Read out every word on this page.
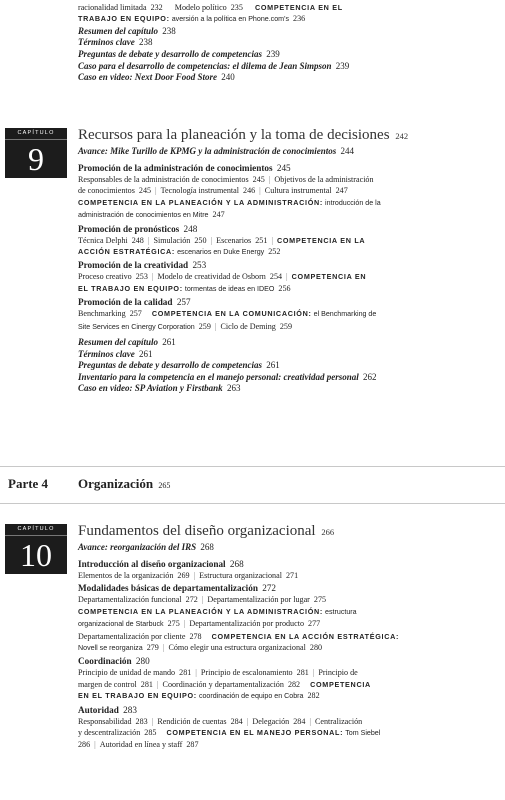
racionalidad limitada 232 Modelo político 235 COMPETENCIA EN EL
TRABAJO EN EQUIPO: aversión a la política en Phone.com's 236
Resumen del capítulo 238
Términos clave 238
Preguntas de debate y desarrollo de competencias 239
Caso para el desarrollo de competencias: el dilema de Jean Simpson 239
Caso en video: Next Door Food Store 240
CAPÍTULO
9
Recursos para la planeación y la toma de decisiones 242
Avance: Mike Turillo de KPMG y la administración de conocimientos 244
Promoción de la administración de conocimientos 245
Responsables de la administración de conocimientos 245 | Objetivos de la administración
de conocimientos 245 | Tecnología instrumental 246 | Cultura instrumental 247
COMPETENCIA EN LA PLANEACIÓN Y LA ADMINISTRACIÓN: introducción de la
administración de conocimientos en Mitre 247
Promoción de pronósticos 248
Técnica Delphi 248 | Simulación 250 | Escenarios 251 | COMPETENCIA EN LA
ACCIÓN ESTRATÉGICA: escenarios en Duke Energy 252
Promoción de la creatividad 253
Proceso creativo 253 | Modelo de creatividad de Osborn 254 | COMPETENCIA EN
EL TRABAJO EN EQUIPO: tormentas de ideas en IDEO 256
Promoción de la calidad 257
Benchmarking 257 COMPETENCIA EN LA COMUNICACIÓN: el Benchmarking de
Site Services en Cinergy Corporation 259 | Ciclo de Deming 259
Resumen del capítulo 261
Términos clave 261
Preguntas de debate y desarrollo de competencias 261
Inventario para la competencia en el manejo personal: creatividad personal 262
Caso en video: SP Aviation y Firstbank 263
Parte 4 Organización 265
CAPÍTULO
10
Fundamentos del diseño organizacional 266
Avance: reorganización del IRS 268
Introducción al diseño organizacional 268
Elementos de la organización 269 | Estructura organizacional 271
Modalidades básicas de departamentalización 272
Departamentalización funcional 272 | Departamentalización por lugar 275
COMPETENCIA EN LA PLANEACIÓN Y LA ADMINISTRACIÓN: estructura
organizacional de Starbuck 275 | Departamentalización por producto 277
Departamentalización por cliente 278 COMPETENCIA EN LA ACCIÓN ESTRATÉGICA:
Novell se reorganiza 279 | Cómo elegir una estructura organizacional 280
Coordinación 280
Principio de unidad de mando 281 | Principio de escalonamiento 281 | Principio de
margen de control 281 | Coordinación y departamentalización 282 COMPETENCIA
EN EL TRABAJO EN EQUIPO: coordinación de equipo en Cobra 282
Autoridad 283
Responsabilidad 283 | Rendición de cuentas 284 | Delegación 284 | Centralización
y descentralización 285 COMPETENCIA EN EL MANEJO PERSONAL: Tom Siebel
286 | Autoridad en línea y staff 287
